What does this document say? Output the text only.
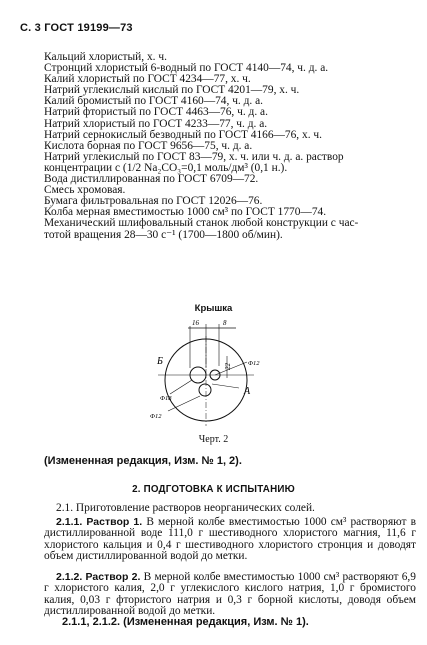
С. 3 ГОСТ 19199—73
Кальций хлористый, х. ч.
Стронций хлористый 6-водный по ГОСТ 4140—74, ч. д. а.
Калий хлористый по ГОСТ 4234—77, х. ч.
Натрий углекислый кислый по ГОСТ 4201—79, х. ч.
Калий бромистый по ГОСТ 4160—74, ч. д. а.
Натрий фтористый по ГОСТ 4463—76, ч. д. а.
Натрий хлористый по ГОСТ 4233—77, ч. д. а.
Натрий сернокислый безводный по ГОСТ 4166—76, х. ч.
Кислота борная по ГОСТ 9656—75, ч. д. а.
Натрий углекислый по ГОСТ 83—79, х. ч. или ч. д. а. раствор
концентрации с (1/2 Na₂CO₃=0,1 моль/дм³ (0,1 н.).
Вода дистиллированная по ГОСТ 6709—72.
Смесь хромовая.
Бумага фильтровальная по ГОСТ 12026—76.
Колба мерная вместимостью 1000 см³ по ГОСТ 1770—74.
Механический шлифовальный станок любой конструкции с час-
тотой вращения 28—30 с⁻¹ (1700—1800 об/мин).
Крышка
16	8
22
Б
А
Φ12
Φ18
Φ12
Черт. 2
(Измененная редакция, Изм. № 1, 2).
2. ПОДГОТОВКА К ИСПЫТАНИЮ
2.1. Приготовление растворов неорганических солей.
2.1.1. Раствор 1. В мерной колбе вместимостью 1000 см³ растворяют в дистиллированной воде 111,0 г шестиводного хлористого магния, 11,6 г хлористого кальция и 0,4 г шестиводного хлористого стронция и доводят объем дистиллированной водой до метки.
2.1.2. Раствор 2. В мерной колбе вместимостью 1000 см³ растворяют 6,9 г хлористого калия, 2,0 г углекислого кислого натрия, 1,0 г бромистого калия, 0,03 г фтористого натрия и 0,3 г борной кислоты, доводя объем дистиллированной водой до метки.
2.1.1, 2.1.2. (Измененная редакция, Изм. № 1).
